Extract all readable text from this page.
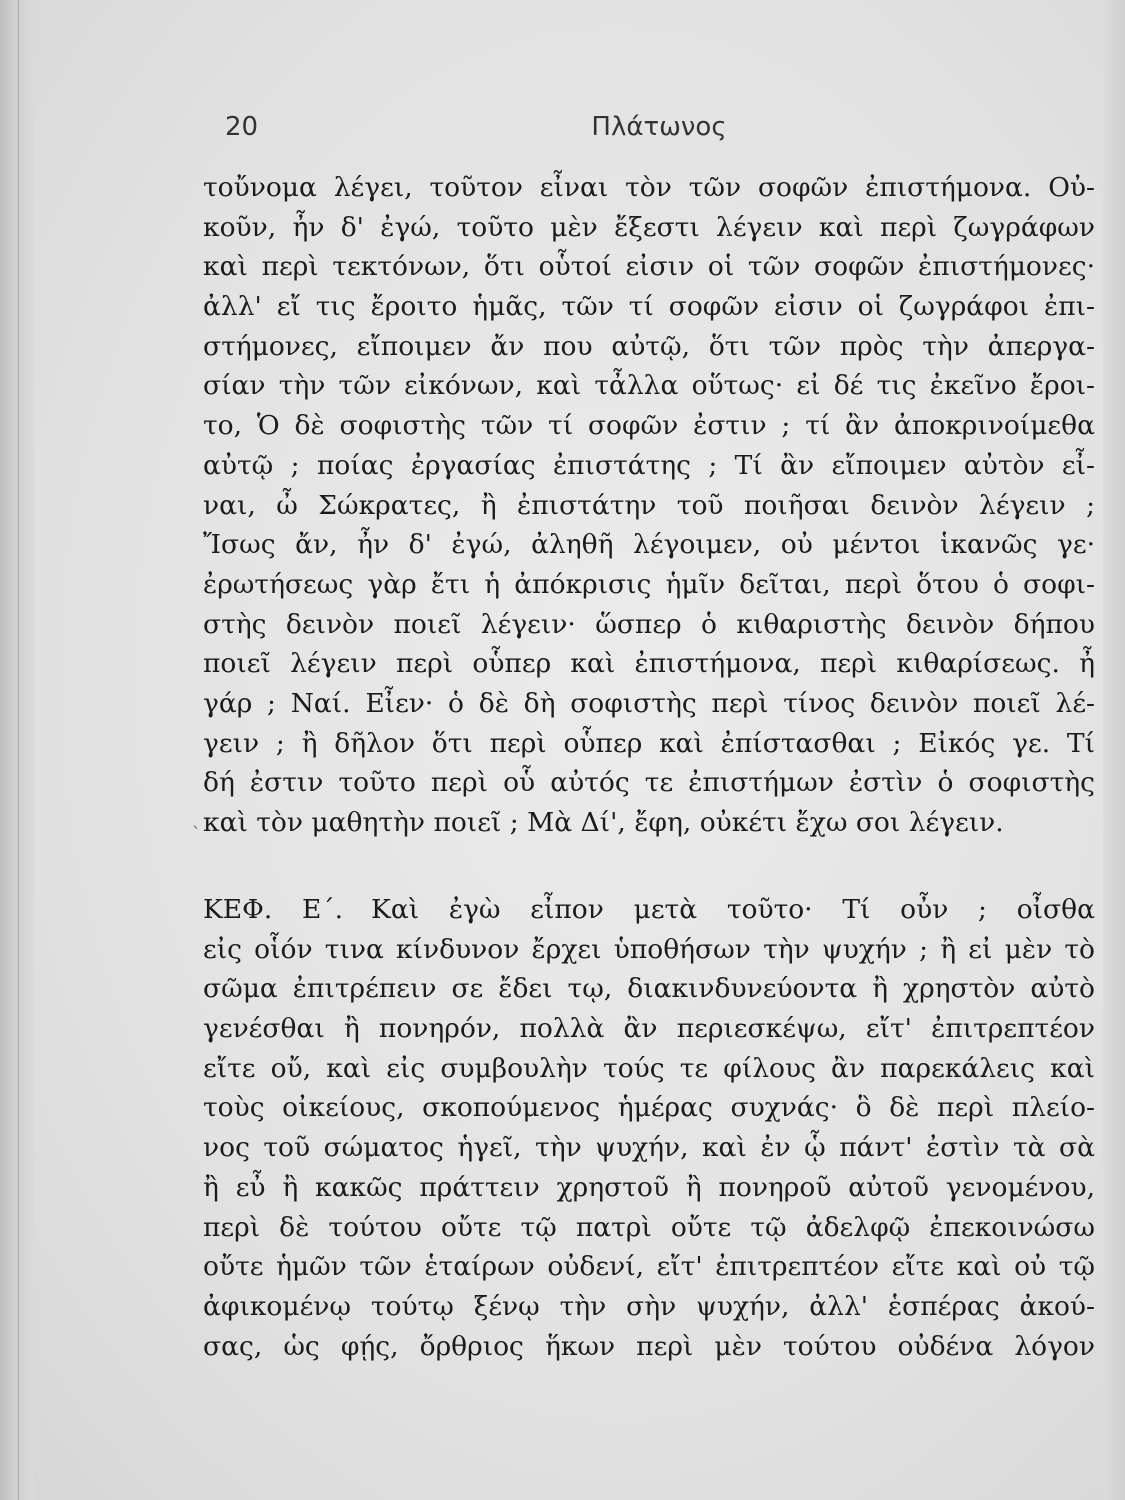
20	Πλάτωνος
τοὔνομα λέγει, τοῦτον εἶναι τὸν τῶν σοφῶν ἐπιστήμονα. Οὐ-
κοῦν, ἦν δ' ἐγώ, τοῦτο μὲν ἔξεστι λέγειν καὶ περὶ ζωγράφων
καὶ περὶ τεκτόνων, ὅτι οὗτοί εἰσιν οἱ τῶν σοφῶν ἐπιστήμονες·
ἀλλ' εἴ τις ἔροιτο ἡμᾶς, τῶν τί σοφῶν εἰσιν οἱ ζωγράφοι ἐπι-
στήμονες, εἴποιμεν ἄν που αὐτῷ, ὅτι τῶν πρὸς τὴν ἀπεργα-
σίαν τὴν τῶν εἰκόνων, καὶ τἆλλα οὕτως· εἰ δέ τις ἐκεῖνο ἔροι-
το, Ὁ δὲ σοφιστὴς τῶν τί σοφῶν ἐστιν ; τί ἂν ἀποκρινοίμεθα
αὐτῷ ; ποίας ἐργασίας ἐπιστάτης ; Τί ἂν εἴποιμεν αὐτὸν εἶ-
ναι, ὦ Σώκρατες, ἢ ἐπιστάτην τοῦ ποιῆσαι δεινὸν λέγειν ;
Ἴσως ἄν, ἦν δ' ἐγώ, ἀληθῆ λέγοιμεν, οὐ μέντοι ἱκανῶς γε·
ἐρωτήσεως γὰρ ἔτι ἡ ἀπόκρισις ἡμῖν δεῖται, περὶ ὅτου ὁ σοφι-
στὴς δεινὸν ποιεῖ λέγειν· ὥσπερ ὁ κιθαριστὴς δεινὸν δήπου
ποιεῖ λέγειν περὶ οὗπερ καὶ ἐπιστήμονα, περὶ κιθαρίσεως. ἦ
γάρ ; Ναί. Εἶεν· ὁ δὲ δὴ σοφιστὴς περὶ τίνος δεινὸν ποιεῖ λέ-
γειν ; ἢ δῆλον ὅτι περὶ οὗπερ καὶ ἐπίστασθαι ; Εἰκός γε. Τί
δή ἐστιν τοῦτο περὶ οὗ αὐτός τε ἐπιστήμων ἐστὶν ὁ σοφιστὴς
καὶ τὸν μαθητὴν ποιεῖ ; Μὰ Δί', ἔφη, οὐκέτι ἔχω σοι λέγειν.
`
ΚΕΦ. Ε΄. Καὶ ἐγὼ εἶπον μετὰ τοῦτο· Τί οὖν ; οἶσθα
εἰς οἷόν τινα κίνδυνον ἔρχει ὑποθήσων τὴν ψυχήν ; ἢ εἰ μὲν τὸ
σῶμα ἐπιτρέπειν σε ἔδει τῳ, διακινδυνεύοντα ἢ χρηστὸν αὐτὸ
γενέσθαι ἢ πονηρόν, πολλὰ ἂν περιεσκέψω, εἴτ' ἐπιτρεπτέον
εἴτε οὔ, καὶ εἰς συμβουλὴν τούς τε φίλους ἂν παρεκάλεις καὶ
τοὺς οἰκείους, σκοπούμενος ἡμέρας συχνάς· ὃ δὲ περὶ πλείο-
νος τοῦ σώματος ἡγεῖ, τὴν ψυχήν, καὶ ἐν ᾧ πάντ' ἐστὶν τὰ σὰ
ἢ εὖ ἢ κακῶς πράττειν χρηστοῦ ἢ πονηροῦ αὐτοῦ γενομένου,
περὶ δὲ τούτου οὔτε τῷ πατρὶ οὔτε τῷ ἀδελφῷ ἐπεκοινώσω
οὔτε ἡμῶν τῶν ἑταίρων οὐδενί, εἴτ' ἐπιτρεπτέον εἴτε καὶ οὐ τῷ
ἀφικομένῳ τούτῳ ξένῳ τὴν σὴν ψυχήν, ἀλλ' ἑσπέρας ἀκού-
σας, ὡς φῄς, ὄρθριος ἥκων περὶ μὲν τούτου οὐδένα λόγον
